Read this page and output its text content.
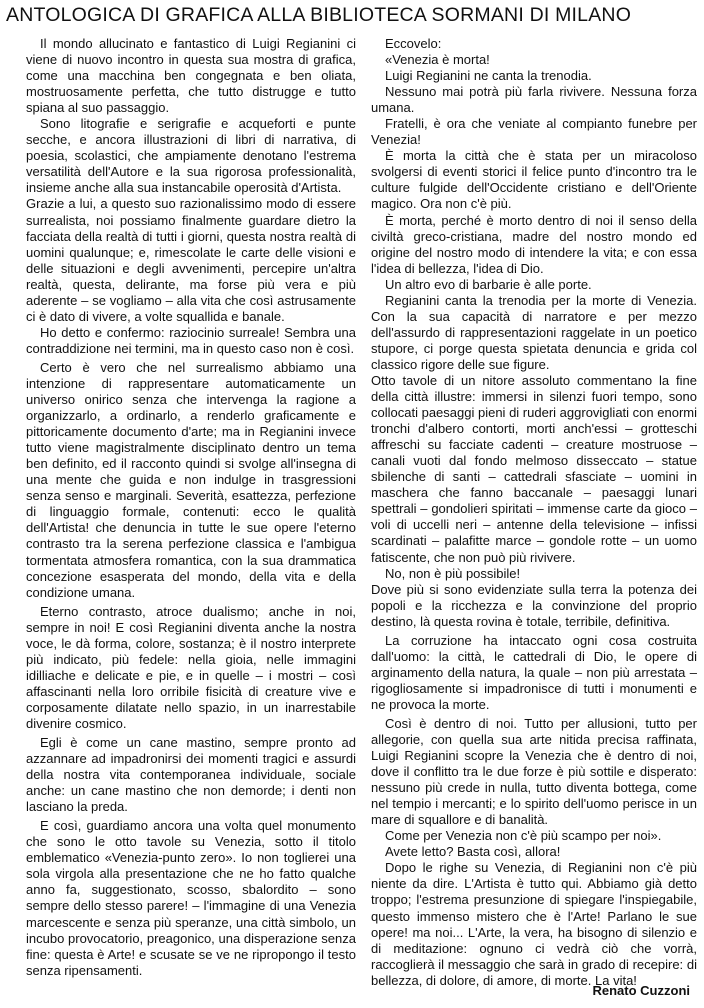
ANTOLOGICA DI GRAFICA ALLA BIBLIOTECA SORMANI DI MILANO

Il mondo allucinato e fantastico di Luigi Regianini ci viene di nuovo incontro in questa sua mostra di grafica, come una macchina ben congegnata e ben oliata, mostruosamente perfetta, che tutto distrugge e tutto spiana al suo passaggio.

Sono litografie e serigrafie e acqueforti e punte secche, e ancora illustrazioni di libri di narrativa, di poesia, scolastici, che ampiamente denotano l'estrema versatilità dell'Autore e la sua rigorosa professionalità, insieme anche alla sua instancabile operosità d'Artista.

Grazie a lui, a questo suo razionalissimo modo di essere surrealista, noi possiamo finalmente guardare dietro la facciata della realtà di tutti i giorni, questa nostra realtà di uomini qualunque; e, rimescolate le carte delle visioni e delle situazioni e degli avvenimenti, percepire un'altra realtà, questa, delirante, ma forse più vera e più aderente – se vogliamo – alla vita che così astrusamente ci è dato di vivere, a volte squallida e banale.

Ho detto e confermo: raziocinio surreale! Sembra una contraddizione nei termini, ma in questo caso non è così.

Certo è vero che nel surrealismo abbiamo una intenzione di rappresentare automaticamente un universo onirico senza che intervenga la ragione a organizzarlo, a ordinarlo, a renderlo graficamente e pittoricamente documento d'arte; ma in Regianini invece tutto viene magistralmente disciplinato dentro un tema ben definito, ed il racconto quindi si svolge all'insegna di una mente che guida e non indulge in trasgressioni senza senso e marginali. Severità, esattezza, perfezione di linguaggio formale, contenuti: ecco le qualità dell'Artista! che denuncia in tutte le sue opere l'eterno contrasto tra la serena perfezione classica e l'ambigua tormentata atmosfera romantica, con la sua drammatica concezione esasperata del mondo, della vita e della condizione umana.

Eterno contrasto, atroce dualismo; anche in noi, sempre in noi! E così Regianini diventa anche la nostra voce, le dà forma, colore, sostanza; è il nostro interprete più indicato, più fedele: nella gioia, nelle immagini idilliache e delicate e pie, e in quelle – i mostri – così affascinanti nella loro orribile fisicità di creature vive e corposamente dilatate nello spazio, in un inarrestabile divenire cosmico.

Egli è come un cane mastino, sempre pronto ad azzannare ad impadronirsi dei momenti tragici e assurdi della nostra vita contemporanea individuale, sociale anche: un cane mastino che non demorde; i denti non lasciano la preda.

E così, guardiamo ancora una volta quel monumento che sono le otto tavole su Venezia, sotto il titolo emblematico «Venezia-punto zero». Io non toglierei una sola virgola alla presentazione che ne ho fatto qualche anno fa, suggestionato, scosso, sbalordito – sono sempre dello stesso parere! – l'immagine di una Venezia marcescente e senza più speranze, una città simbolo, un incubo provocatorio, preagonico, una disperazione senza fine: questa è Arte! e scusate se ve ne ripropongo il testo senza ripensamenti.

Eccovelo:

«Venezia è morta!

Luigi Regianini ne canta la trenodia.

Nessuno mai potrà più farla rivivere. Nessuna forza umana.

Fratelli, è ora che veniate al compianto funebre per Venezia!

È morta la città che è stata per un miracoloso svolgersi di eventi storici il felice punto d'incontro tra le culture fulgide dell'Occidente cristiano e dell'Oriente magico. Ora non c'è più.

È morta, perché è morto dentro di noi il senso della civiltà greco-cristiana, madre del nostro mondo ed origine del nostro modo di intendere la vita; e con essa l'idea di bellezza, l'idea di Dio.

Un altro evo di barbarie è alle porte.

Regianini canta la trenodia per la morte di Venezia. Con la sua capacità di narratore e per mezzo dell'assurdo di rappresentazioni raggelate in un poetico stupore, ci porge questa spietata denuncia e grida col classico rigore delle sue figure.

Otto tavole di un nitore assoluto commentano la fine della città illustre: immersi in silenzi fuori tempo, sono collocati paesaggi pieni di ruderi aggrovigliati con enormi tronchi d'albero contorti, morti anch'essi – grotteschi affreschi su facciate cadenti – creature mostruose – canali vuoti dal fondo melmoso disseccato – statue sbilenche di santi – cattedrali sfasciate – uomini in maschera che fanno baccanale – paesaggi lunari spettrali – gondolieri spiritati – immense carte da gioco – voli di uccelli neri – antenne della televisione – infissi scardinati – palafitte marce – gondole rotte – un uomo fatiscente, che non può più rivivere.

No, non è più possibile!

Dove più si sono evidenziate sulla terra la potenza dei popoli e la ricchezza e la convinzione del proprio destino, là questa rovina è totale, terribile, definitiva.

La corruzione ha intaccato ogni cosa costruita dall'uomo: la città, le cattedrali di Dio, le opere di arginamento della natura, la quale – non più arrestata – rigogliosamente si impadronisce di tutti i monumenti e ne provoca la morte.

Così è dentro di noi. Tutto per allusioni, tutto per allegorie, con quella sua arte nitida precisa raffinata, Luigi Regianini scopre la Venezia che è dentro di noi, dove il conflitto tra le due forze è più sottile e disperato: nessuno più crede in nulla, tutto diventa bottega, come nel tempio i mercanti; e lo spirito dell'uomo perisce in un mare di squallore e di banalità.

Come per Venezia non c'è più scampo per noi».

Avete letto? Basta così, allora!

Dopo le righe su Venezia, di Regianini non c'è più niente da dire. L'Artista è tutto qui. Abbiamo già detto troppo; l'estrema presunzione di spiegare l'inspiegabile, questo immenso mistero che è l'Arte! Parlano le sue opere! ma noi... L'Arte, la vera, ha bisogno di silenzio e di meditazione: ognuno ci vedrà ciò che vorrà, raccoglierà il messaggio che sarà in grado di recepire: di bellezza, di dolore, di amore, di morte. La vita!

Renato Cuzzoni
